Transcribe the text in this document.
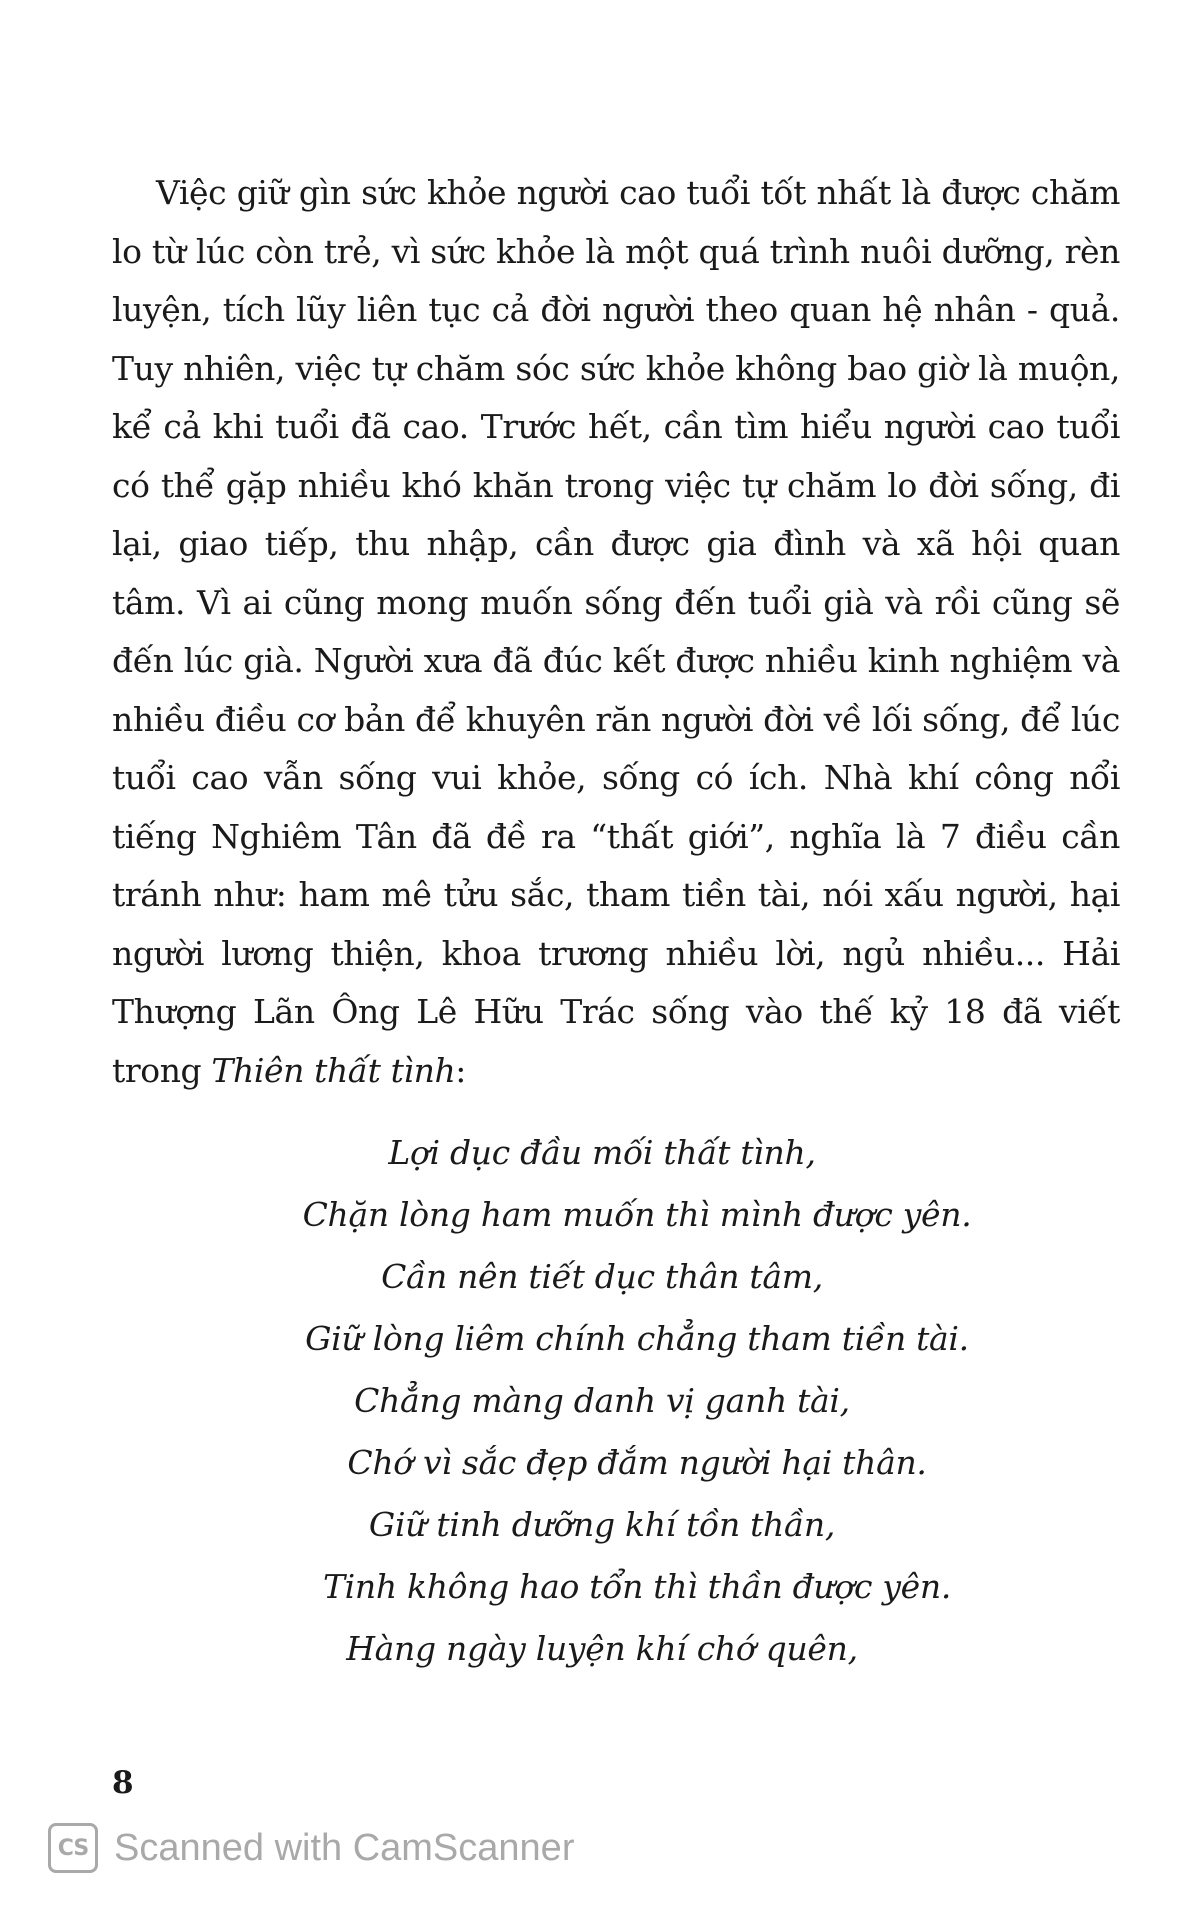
Việc giữ gìn sức khỏe người cao tuổi tốt nhất là được chăm lo từ lúc còn trẻ, vì sức khỏe là một quá trình nuôi dưỡng, rèn luyện, tích lũy liên tục cả đời người theo quan hệ nhân - quả. Tuy nhiên, việc tự chăm sóc sức khỏe không bao giờ là muộn, kể cả khi tuổi đã cao. Trước hết, cần tìm hiểu người cao tuổi có thể gặp nhiều khó khăn trong việc tự chăm lo đời sống, đi lại, giao tiếp, thu nhập, cần được gia đình và xã hội quan tâm. Vì ai cũng mong muốn sống đến tuổi già và rồi cũng sẽ đến lúc già. Người xưa đã đúc kết được nhiều kinh nghiệm và nhiều điều cơ bản để khuyên răn người đời về lối sống, để lúc tuổi cao vẫn sống vui khỏe, sống có ích. Nhà khí công nổi tiếng Nghiêm Tân đã đề ra “thất giới”, nghĩa là 7 điều cần tránh như: ham mê tửu sắc, tham tiền tài, nói xấu người, hại người lương thiện, khoa trương nhiều lời, ngủ nhiều... Hải Thượng Lãn Ông Lê Hữu Trác sống vào thế kỷ 18 đã viết trong Thiên thất tình:

Lợi dục đầu mối thất tình,
Chặn lòng ham muốn thì mình được yên.
Cần nên tiết dục thân tâm,
Giữ lòng liêm chính chẳng tham tiền tài.
Chẳng màng danh vị ganh tài,
Chớ vì sắc đẹp đắm người hại thân.
Giữ tinh dưỡng khí tồn thần,
Tinh không hao tổn thì thần được yên.
Hàng ngày luyện khí chớ quên,
8
CS Scanned with CamScanner
